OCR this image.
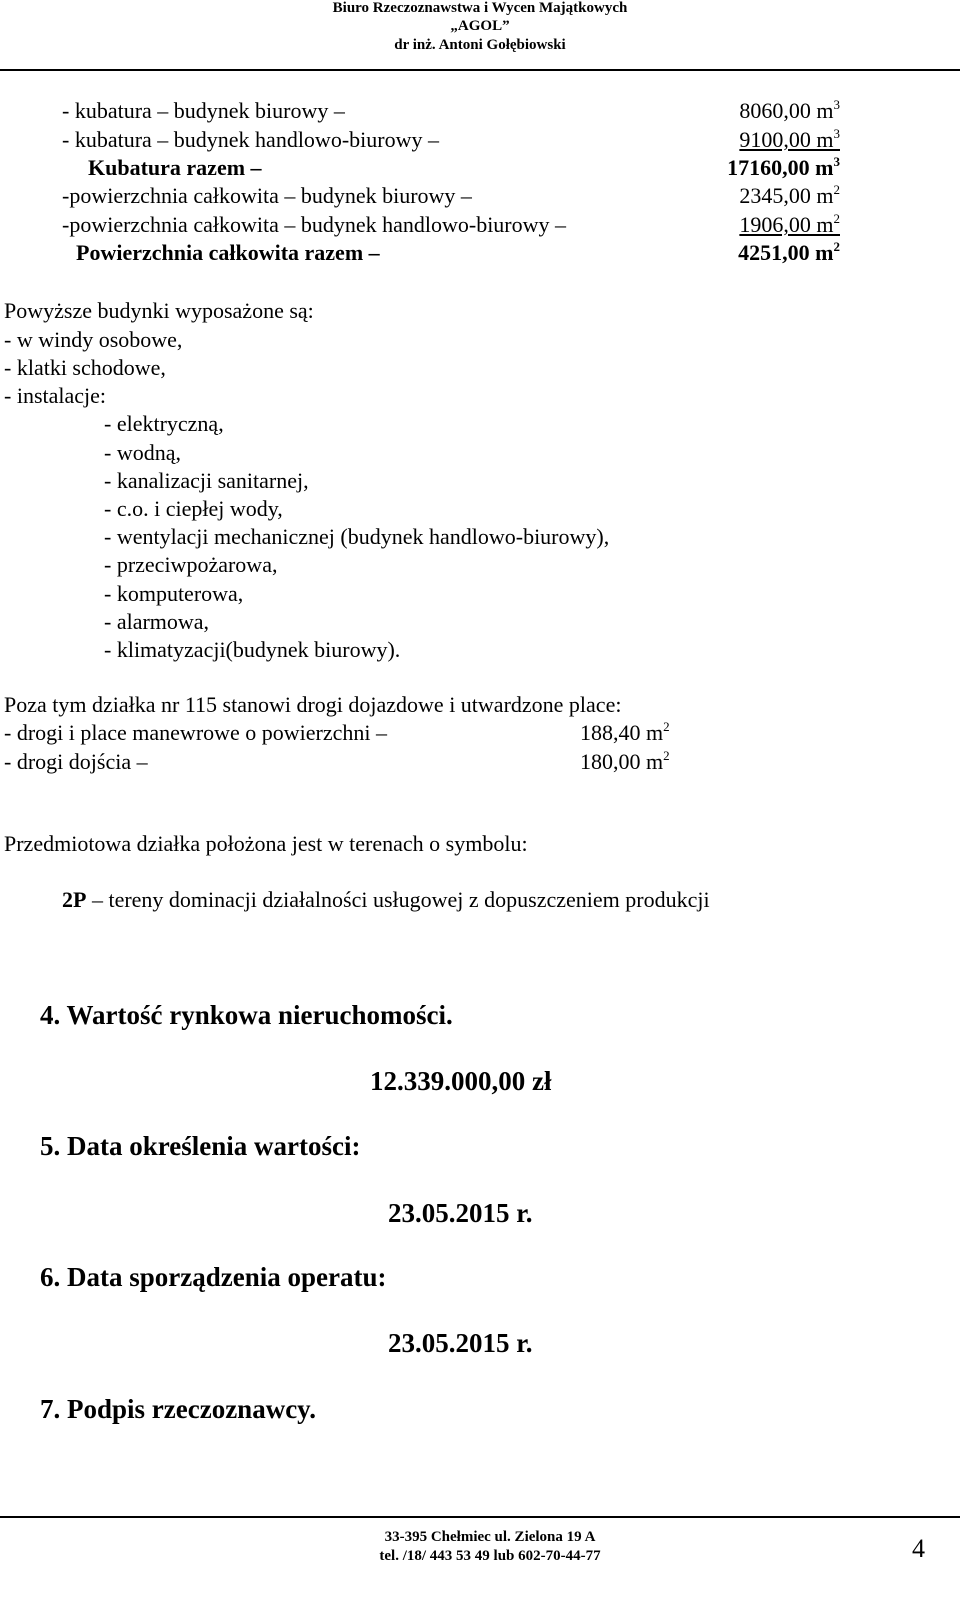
Biuro Rzeczoznawstwa i Wycen Majątkowych
„AGOL”
dr inż. Antoni Gołębiowski
- kubatura – budynek biurowy –	8060,00 $m^3$
- kubatura – budynek handlowo-biurowy –	9100,00 $m^3$
Kubatura razem –	17160,00 $m^3$
-powierzchnia całkowita – budynek biurowy –	2345,00 $m^2$
-powierzchnia całkowita – budynek handlowo-biurowy –	1906,00 $m^2$
Powierzchnia całkowita razem –	4251,00 $m^2$
Powyższe budynki wyposażone są:
- w windy osobowe,
- klatki schodowe,
- instalacje:
- elektryczną,
- wodną,
- kanalizacji sanitarnej,
- c.o. i ciepłej wody,
- wentylacji mechanicznej (budynek handlowo-biurowy),
- przeciwpożarowa,
- komputerowa,
- alarmowa,
- klimatyzacji(budynek biurowy).
Poza tym działka nr 115 stanowi drogi dojazdowe i utwardzone place:
- drogi i place manewrowe o powierzchni –	188,40 $m^2$
- drogi dojścia –	180,00 $m^2$
Przedmiotowa działka położona jest w terenach o symbolu:
2P – tereny dominacji działalności usługowej z dopuszczeniem produkcji
4. Wartość rynkowa nieruchomości.
12.339.000,00 zł
5. Data określenia wartości:
23.05.2015 r.
6. Data sporządzenia operatu:
23.05.2015 r.
7. Podpis rzeczoznawcy.
33-395 Chełmiec ul. Zielona 19 A
tel. /18/ 443 53 49 lub 602-70-44-77	4
